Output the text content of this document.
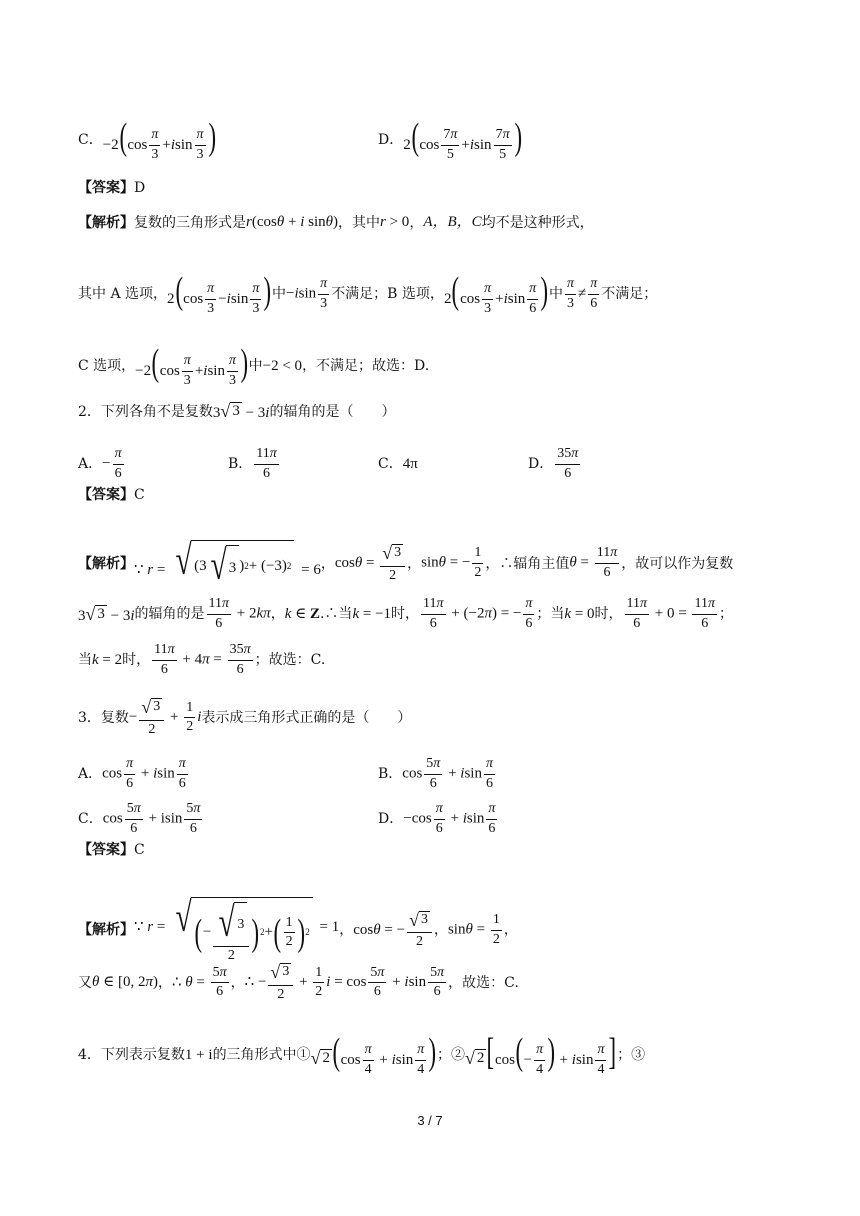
C． $-2(\cos \frac{\pi}{3} +isin \frac{\pi}{3}$ )	D． $2(\cos \frac{7\pi}{5} +isin \frac{7\pi}{5}$ )
【答案】 D
【解析】 复数的三角形式是 r(cosθ + i sinθ) ，其中 r > 0 ， A，B，C 均不是这种形式，
其中 A 选项， $2(\cos \frac{\pi}{3} -isin \frac{\pi}{3}$ ) 中 $-isin \frac{\pi}{3}$ 不满足；B 选项， $2(\cos \frac{\pi}{3} +isin \frac{\pi}{6}$ ) 中 $\frac{\pi}{3} \ne \frac{\pi}{6}$ 不满足；
C 选项， $-2(\cos \frac{\pi}{3} +isin \frac{\pi}{3}$ ) 中 −2 < 0 ，不满足；故选：D.
2．下列各角不是复数 3 √ 3 − 3i 的辐角的是（　　）
A． − $\frac{\pi}{6}$	B． $\frac{11\pi}{6}$	C． 4π	D． $\frac{35\pi}{6}$
【答案】 C
【解析】 ∵ r = √ (3 √ 3 ) 2 + (−3) 2 = 6 ， $\cos\theta = \frac{√ 3}{2}$ ， sinθ = − $\frac{1}{2}$ ，∴辐角主值 $\theta = \frac{11\pi}{6}$ ，故可以作为复数
3 √ 3 − 3i 的辐角的是 $\frac{11\pi}{6} + 2k\pi$ ， k ∈ Z .∴当 k = −1 时， $\frac{11\pi}{6} + (-2\pi)$ = − $\frac{\pi}{6}$ ；当 k = 0 时， $\frac{11\pi}{6} + 0 = \frac{11\pi}{6}$ ；
当 k = 2 时， $\frac{11\pi}{6} + 4\pi = \frac{35\pi}{6}$ ；故选：C.
3．复数 − $\frac{√ 3}{2} + \frac{1}{2}$ i 表示成三角形式正确的是（　　）
A． $\cos \frac{\pi}{6} + isin \frac{\pi}{6}$	B． $\cos \frac{5\pi}{6} + isin \frac{\pi}{6}$
C． $\cos \frac{5\pi}{6} + isin \frac{5\pi}{6}$	D． $-\cos \frac{\pi}{6} + isin \frac{\pi}{6}$
【答案】 C
【解析】 ∵ r = √ ( − $\frac{√ 3}{2}$ ) 2 + ( $\frac{1}{2}$ ) 2 = 1 ， cosθ = − $\frac{√ 3}{2}$ ， $\sin\theta = \frac{1}{2}$ ，
又 θ ∈ [0, 2π) ， ∴ $\theta = \frac{5\pi}{6}$ ， ∴ − $\frac{√ 3}{2} + \frac{1}{2}$ $i = \cos \frac{5\pi}{6} + isin \frac{5\pi}{6}$ ，故选：C.
4．下列表示复数 1 + i 的三角形式中① √ 2 ($\cos \frac{\pi}{4} + isin \frac{\pi}{4}$ ) ；② √ 2 [$\cos(- \frac{\pi}{4}$ ) + isin $\frac{\pi}{4}$ ] ；③
3 / 7
